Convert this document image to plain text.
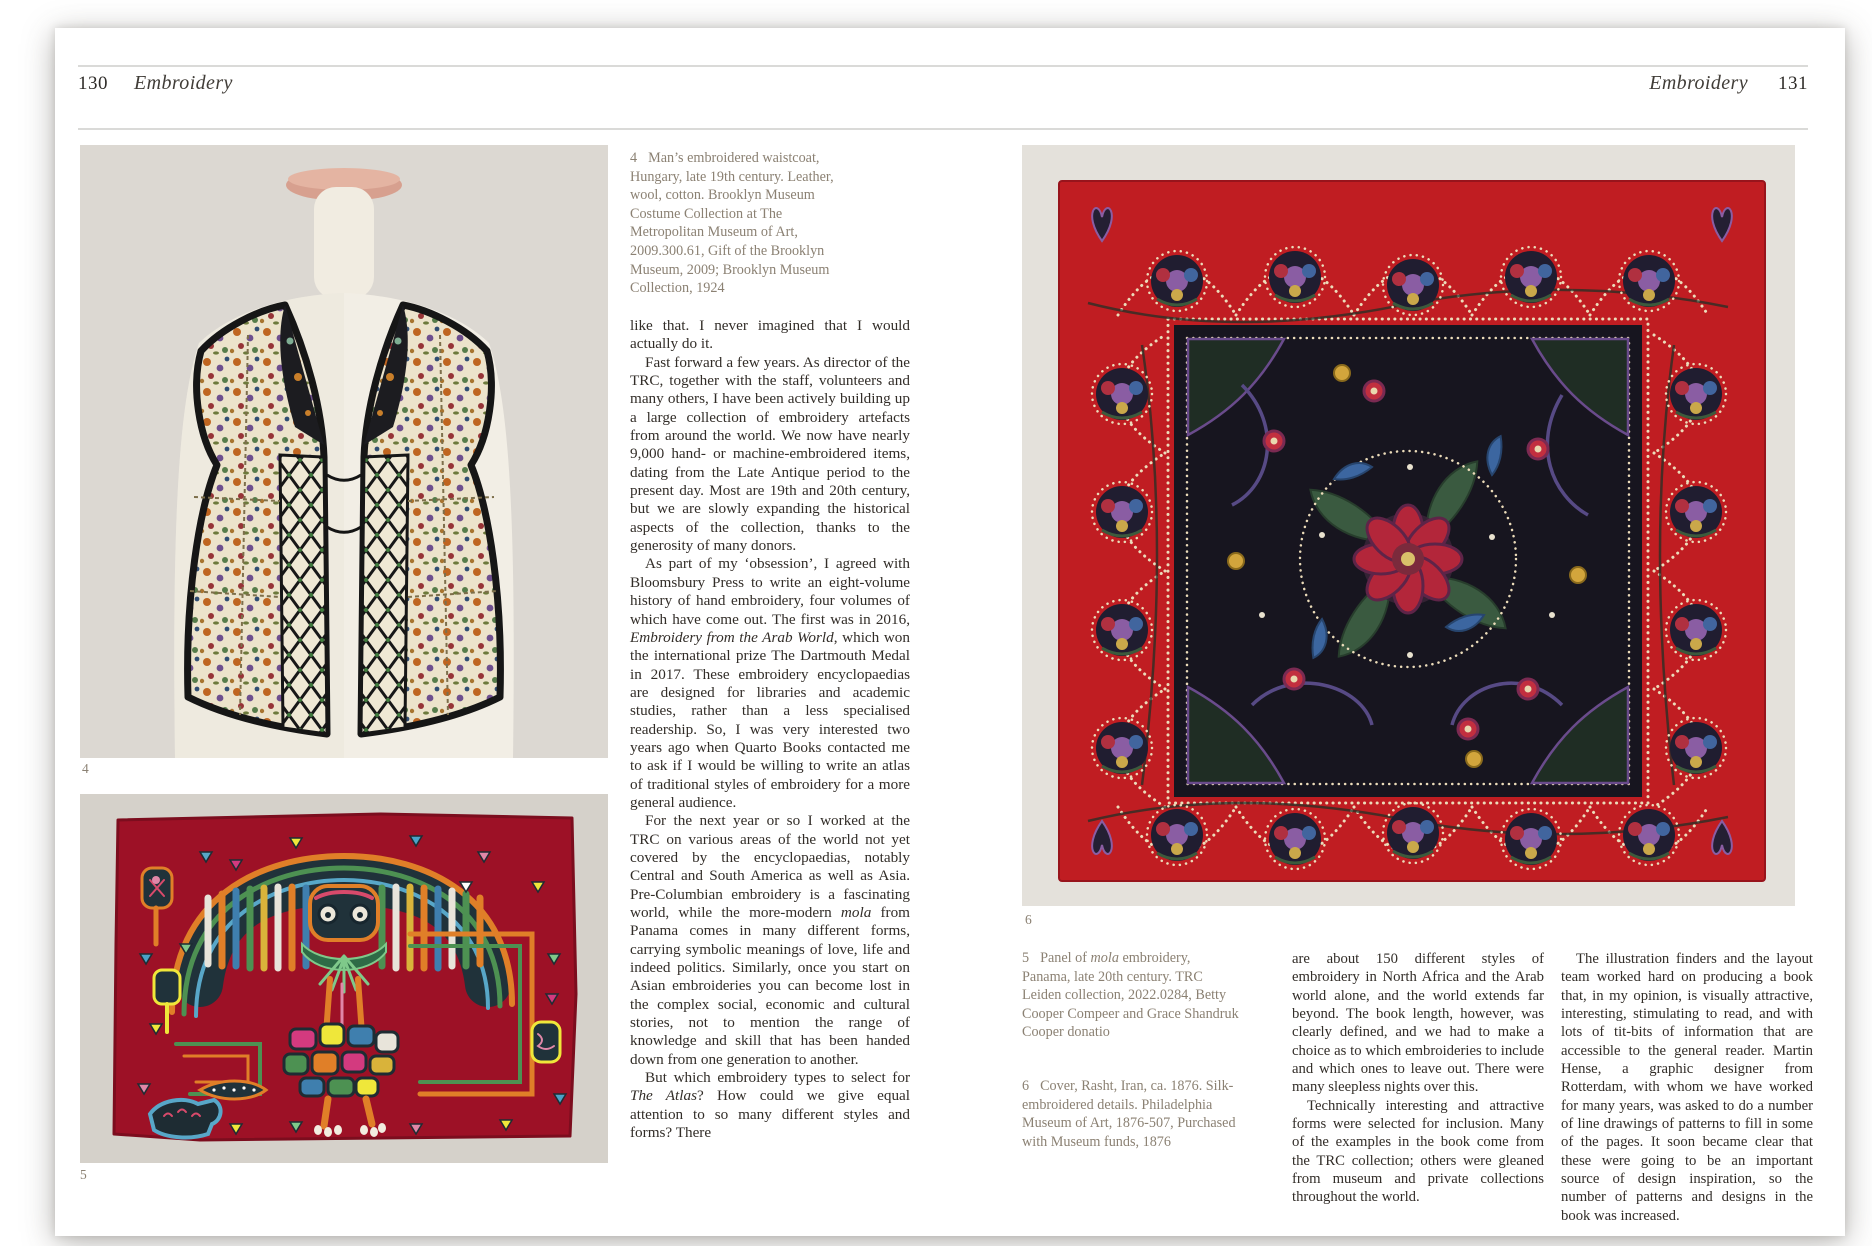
130 Embroidery	Embroidery 131
4
5
4 Man’s embroidered waistcoat, Hungary, late 19th century. Leather, wool, cotton. Brooklyn Museum Costume Collection at The Metropolitan Museum of Art, 2009.300.61, Gift of the Brooklyn Museum, 2009; Brooklyn Museum Collection, 1924

like that. I never imagined that I would actually do it.

Fast forward a few years. As director of the TRC, together with the staff, volunteers and many others, I have been actively building up a large collection of embroidery artefacts from around the world. We now have nearly 9,000 hand- or machine-embroidered items, dating from the Late Antique period to the present day. Most are 19th and 20th century, but we are slowly expanding the historical aspects of the collection, thanks to the generosity of many donors.

As part of my ‘obsession’, I agreed with Bloomsbury Press to write an eight-volume history of hand embroidery, four volumes of which have come out. The first was in 2016, Embroidery from the Arab World, which won the international prize The Dartmouth Medal in 2017. These embroidery encyclopaedias are designed for libraries and academic studies, rather than a less specialised readership. So, I was very interested two years ago when Quarto Books contacted me to ask if I would be willing to write an atlas of traditional styles of embroidery for a more general audience.

For the next year or so I worked at the TRC on various areas of the world not yet covered by the encyclopaedias, notably Central and South America as well as Asia. Pre-Columbian embroidery is a fascinating world, while the more-modern mola from Panama comes in many different forms, carrying symbolic meanings of love, life and indeed politics. Similarly, once you start on Asian embroideries you can become lost in the complex social, economic and cultural stories, not to mention the range of knowledge and skill that has been handed down from one generation to another.

But which embroidery types to select for The Atlas? How could we give equal attention to so many different styles and forms? There

6
5 Panel of mola embroidery, Panama, late 20th century. TRC Leiden collection, 2022.0284, Betty Cooper Compeer and Grace Shandruk Cooper donatio
6 Cover, Rasht, Iran, ca. 1876. Silk-embroidered details. Philadelphia Museum of Art, 1876-507, Purchased with Museum funds, 1876

are about 150 different styles of embroidery in North Africa and the Arab world alone, and the world extends far beyond. The book length, however, was clearly defined, and we had to make a choice as to which embroideries to include and which ones to leave out. There were many sleepless nights over this.

Technically interesting and attractive forms were selected for inclusion. Many of the examples in the book come from the TRC collection; others were gleaned from museum and private collections throughout the world.

The illustration finders and the layout team worked hard on producing a book that, in my opinion, is visually attractive, interesting, stimulating to read, and with lots of tit-bits of information that are accessible to the general reader. Martin Hense, a graphic designer from Rotterdam, with whom we have worked for many years, was asked to do a number of line drawings of patterns to fill in some of the pages. It soon became clear that these were going to be an important source of design inspiration, so the number of patterns and designs in the book was increased.
